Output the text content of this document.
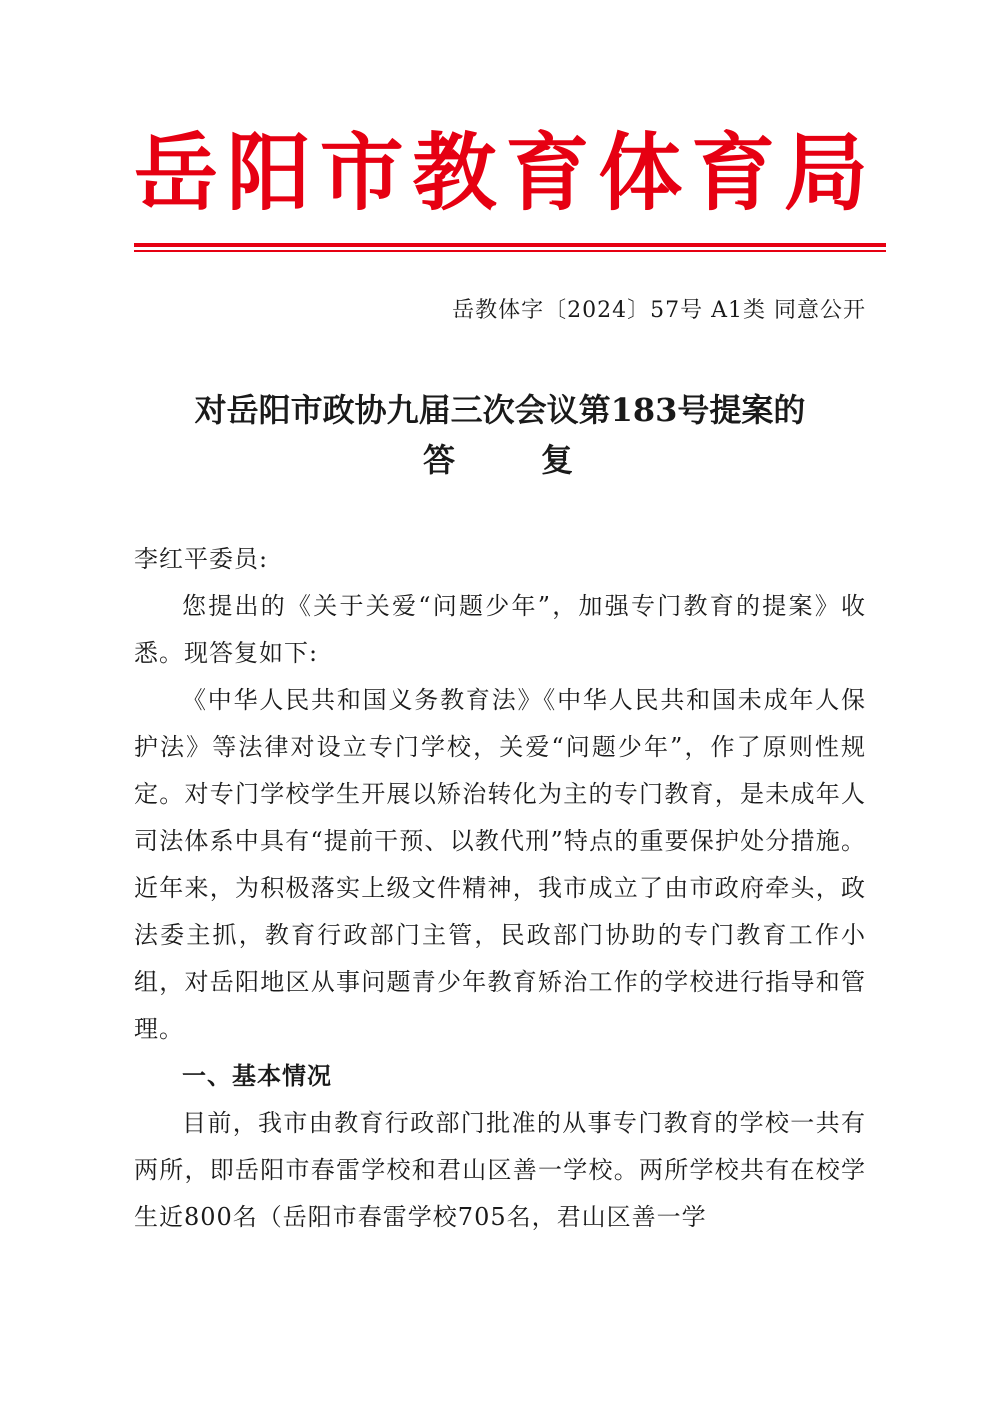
岳 阳 市 教 育 体 育 局
岳教体字〔2024〕57号 A1类 同意公开
对岳阳市政协九届三次会议第183号提案的
答	复

李红平委员:

您提出的《关于关爱“问题少年”，加强专门教育的提案》收悉。现答复如下:

《中华人民共和国义务教育法》《中华人民共和国未成年人保护法》等法律对设立专门学校，关爱“问题少年”，作了原则性规定。对专门学校学生开展以矫治转化为主的专门教育，是未成年人司法体系中具有“提前干预、以教代刑”特点的重要保护处分措施。近年来，为积极落实上级文件精神，我市成立了由市政府牵头，政法委主抓，教育行政部门主管，民政部门协助的专门教育工作小组，对岳阳地区从事问题青少年教育矫治工作的学校进行指导和管理。

一、基本情况

目前，我市由教育行政部门批准的从事专门教育的学校一共有两所，即岳阳市春雷学校和君山区善一学校。两所学校共有在校学生近800名（岳阳市春雷学校705名，君山区善一学
